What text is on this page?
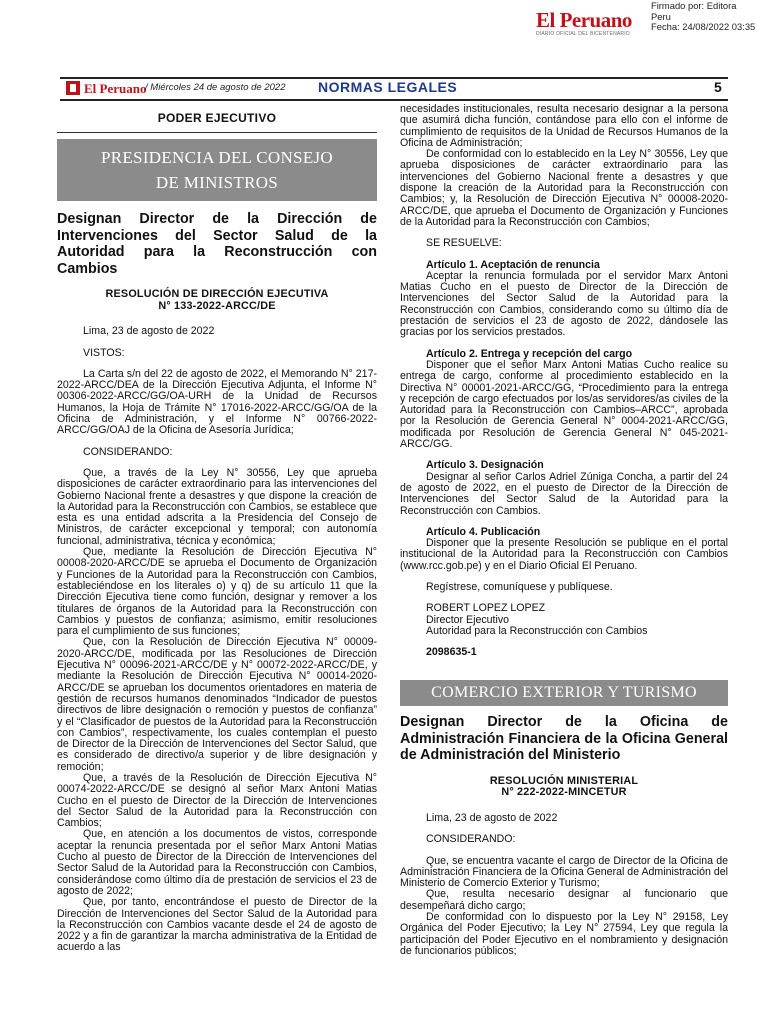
El Peruano
DIARIO OFICIAL DEL BICENTENARIO
Firmado por: Editora
Peru
Fecha: 24/08/2022 03:35
El Peruano
/ Miércoles 24 de agosto de 2022 NORMAS LEGALES	5
PODER EJECUTIVO
PRESIDENCIA DEL CONSEJO
DE MINISTROS
Designan Director de la Dirección de Intervenciones del Sector Salud de la Autoridad para la Reconstrucción con Cambios
RESOLUCIÓN DE DIRECCIÓN EJECUTIVA
N° 133-2022-ARCC/DE

Lima, 23 de agosto de 2022

VISTOS:

La Carta s/n del 22 de agosto de 2022, el Memorando N° 217-2022-ARCC/DEA de la Dirección Ejecutiva Adjunta, el Informe N° 00306-2022-ARCC/GG/OA-URH de la Unidad de Recursos Humanos, la Hoja de Trámite N° 17016-2022-ARCC/GG/OA de la Oficina de Administración, y el Informe N° 00766-2022-ARCC/GG/OAJ de la Oficina de Asesoría Jurídica;

CONSIDERANDO:

Que, a través de la Ley N° 30556, Ley que aprueba disposiciones de carácter extraordinario para las intervenciones del Gobierno Nacional frente a desastres y que dispone la creación de la Autoridad para la Reconstrucción con Cambios, se establece que esta es una entidad adscrita a la Presidencia del Consejo de Ministros, de carácter excepcional y temporal; con autonomía funcional, administrativa, técnica y económica;

Que, mediante la Resolución de Dirección Ejecutiva N° 00008-2020-ARCC/DE se aprueba el Documento de Organización y Funciones de la Autoridad para la Reconstrucción con Cambios, estableciéndose en los literales o) y q) de su artículo 11 que la Dirección Ejecutiva tiene como función, designar y remover a los titulares de órganos de la Autoridad para la Reconstrucción con Cambios y puestos de confianza; asimismo, emitir resoluciones para el cumplimiento de sus funciones;

Que, con la Resolución de Dirección Ejecutiva N° 00009-2020-ARCC/DE, modificada por las Resoluciones de Dirección Ejecutiva N° 00096-2021-ARCC/DE y N° 00072-2022-ARCC/DE, y mediante la Resolución de Dirección Ejecutiva N° 00014-2020-ARCC/DE se aprueban los documentos orientadores en materia de gestión de recursos humanos denominados “Indicador de puestos directivos de libre designación o remoción y puestos de confianza” y el “Clasificador de puestos de la Autoridad para la Reconstrucción con Cambios”, respectivamente, los cuales contemplan el puesto de Director de la Dirección de Intervenciones del Sector Salud, que es considerado de directivo/a superior y de libre designación y remoción;

Que, a través de la Resolución de Dirección Ejecutiva N° 00074-2022-ARCC/DE se designó al señor Marx Antoni Matias Cucho en el puesto de Director de la Dirección de Intervenciones del Sector Salud de la Autoridad para la Reconstrucción con Cambios;

Que, en atención a los documentos de vistos, corresponde aceptar la renuncia presentada por el señor Marx Antoni Matias Cucho al puesto de Director de la Dirección de Intervenciones del Sector Salud de la Autoridad para la Reconstrucción con Cambios, considerándose como último día de prestación de servicios el 23 de agosto de 2022;

Que, por tanto, encontrándose el puesto de Director de la Dirección de Intervenciones del Sector Salud de la Autoridad para la Reconstrucción con Cambios vacante desde el 24 de agosto de 2022 y a fin de garantizar la marcha administrativa de la Entidad de acuerdo a las

necesidades institucionales, resulta necesario designar a la persona que asumirá dicha función, contándose para ello con el informe de cumplimiento de requisitos de la Unidad de Recursos Humanos de la Oficina de Administración;

De conformidad con lo establecido en la Ley N° 30556, Ley que aprueba disposiciones de carácter extraordinario para las intervenciones del Gobierno Nacional frente a desastres y que dispone la creación de la Autoridad para la Reconstrucción con Cambios; y, la Resolución de Dirección Ejecutiva N° 00008-2020-ARCC/DE, que aprueba el Documento de Organización y Funciones de la Autoridad para la Reconstrucción con Cambios;

SE RESUELVE:

Artículo 1. Aceptación de renuncia

Aceptar la renuncia formulada por el servidor Marx Antoni Matias Cucho en el puesto de Director de la Dirección de Intervenciones del Sector Salud de la Autoridad para la Reconstrucción con Cambios, considerando como su último día de prestación de servicios el 23 de agosto de 2022, dándosele las gracias por los servicios prestados.

Artículo 2. Entrega y recepción del cargo

Disponer que el señor Marx Antoni Matias Cucho realice su entrega de cargo, conforme al procedimiento establecido en la Directiva N° 00001-2021-ARCC/GG, “Procedimiento para la entrega y recepción de cargo efectuados por los/as servidores/as civiles de la Autoridad para la Reconstrucción con Cambios–ARCC”, aprobada por la Resolución de Gerencia General N° 0004-2021-ARCC/GG, modificada por Resolución de Gerencia General N° 045-2021-ARCC/GG.

Artículo 3. Designación

Designar al señor Carlos Adriel Zúniga Concha, a partir del 24 de agosto de 2022, en el puesto de Director de la Dirección de Intervenciones del Sector Salud de la Autoridad para la Reconstrucción con Cambios.

Artículo 4. Publicación

Disponer que la presente Resolución se publique en el portal institucional de la Autoridad para la Reconstrucción con Cambios (www.rcc.gob.pe) y en el Diario Oficial El Peruano.

Regístrese, comuníquese y publíquese.

ROBERT LOPEZ LOPEZ

Director Ejecutivo

Autoridad para la Reconstrucción con Cambios

2098635-1

COMERCIO EXTERIOR Y TURISMO
Designan Director de la Oficina de Administración Financiera de la Oficina General de Administración del Ministerio
RESOLUCIÓN MINISTERIAL
N° 222-2022-MINCETUR

Lima, 23 de agosto de 2022

CONSIDERANDO:

Que, se encuentra vacante el cargo de Director de la Oficina de Administración Financiera de la Oficina General de Administración del Ministerio de Comercio Exterior y Turismo;

Que, resulta necesario designar al funcionario que desempeñará dicho cargo;

De conformidad con lo dispuesto por la Ley N° 29158, Ley Orgánica del Poder Ejecutivo; la Ley N° 27594, Ley que regula la participación del Poder Ejecutivo en el nombramiento y designación de funcionarios públicos;
